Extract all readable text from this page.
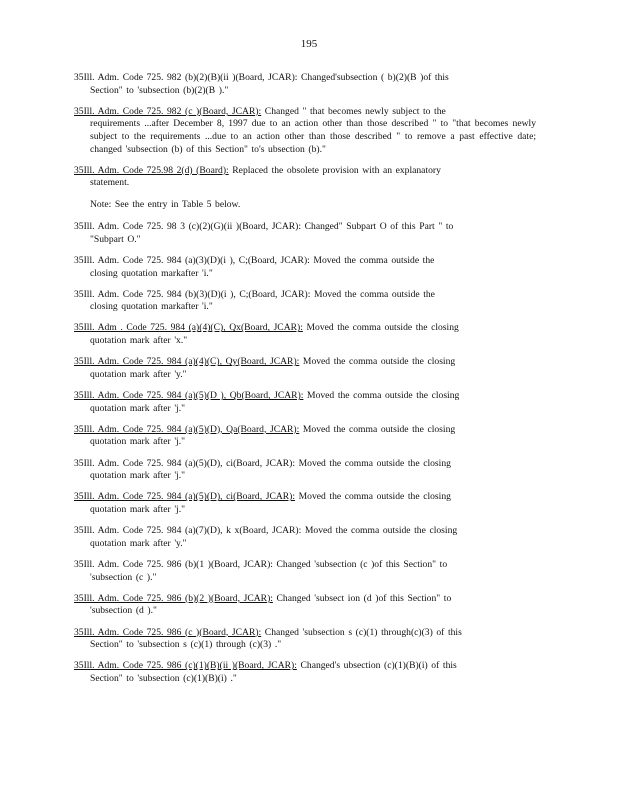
195
35Ill. Adm. Code 725. 982 (b)(2)(B)(ii )(Board, JCAR): Changed'subsection ( b)(2)(B )of this
Section" to 'subsection (b)(2)(B )."
35Ill. Adm. Code 725. 982 (c )(Board, JCAR): Changed " that becomes newly subject to the
requirements ...after December 8, 1997 due to an action other than those described " to "that becomes newly subject to the requirements ...due to an action other than those described " to remove a past effective date; changed 'subsection (b) of this Section" to's ubsection (b)."
35Ill. Adm. Code 725.98 2(d) (Board): Replaced the obsolete provision with an explanatory
statement.
Note: See the entry in Table 5 below.
35Ill. Adm. Code 725. 98 3 (c)(2)(G)(ii )(Board, JCAR): Changed" Subpart O of this Part " to
"Subpart O."
35Ill. Adm. Code 725. 984 (a)(3)(D)(i ), C;(Board, JCAR): Moved the comma outside the
closing quotation markafter 'i."
35Ill. Adm. Code 725. 984 (b)(3)(D)(i ), C;(Board, JCAR): Moved the comma outside the
closing quotation markafter 'i."
35Ill. Adm . Code 725. 984 (a)(4)(C), Qx(Board, JCAR): Moved the comma outside the closing
quotation mark after 'x."
35Ill. Adm. Code 725. 984 (a)(4)(C), Qy(Board, JCAR): Moved the comma outside the closing
quotation mark after 'y."
35Ill. Adm. Code 725. 984 (a)(5)(D ), Qb(Board, JCAR): Moved the comma outside the closing
quotation mark after 'j."
35Ill. Adm. Code 725. 984 (a)(5)(D), Qa(Board, JCAR): Moved the comma outside the closing
quotation mark after 'j."
35Ill. Adm. Code 725. 984 (a)(5)(D), ci(Board, JCAR): Moved the comma outside the closing
quotation mark after 'j."
35Ill. Adm. Code 725. 984 (a)(5)(D), ci(Board, JCAR): Moved the comma outside the closing
quotation mark after 'j."
35Ill. Adm. Code 725. 984 (a)(7)(D), k x(Board, JCAR): Moved the comma outside the closing
quotation mark after 'y."
35Ill. Adm. Code 725. 986 (b)(1 )(Board, JCAR): Changed 'subsection (c )of this Section" to
'subsection (c )."
35Ill. Adm. Code 725. 986 (b)(2 )(Board, JCAR): Changed 'subsect ion (d )of this Section" to
'subsection (d )."
35Ill. Adm. Code 725. 986 (c )(Board, JCAR): Changed 'subsection s (c)(1) through(c)(3) of this
Section" to 'subsection s (c)(1) through (c)(3) ."
35Ill. Adm. Code 725. 986 (c)(1)(B)(ii )(Board, JCAR): Changed's ubsection (c)(1)(B)(i) of this
Section" to 'subsection (c)(1)(B)(i) ."
